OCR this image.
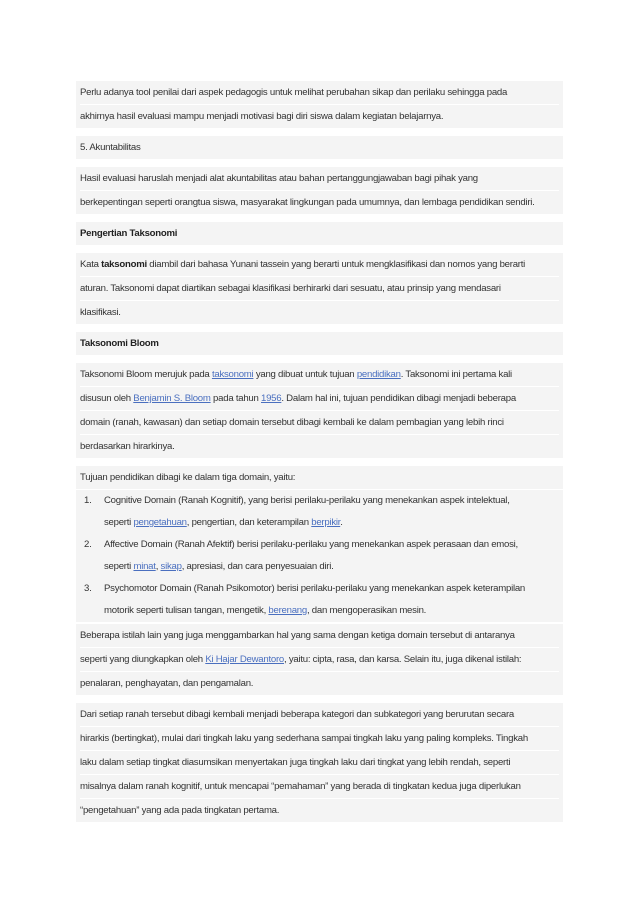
Perlu adanya tool penilai dari aspek pedagogis untuk melihat perubahan sikap dan perilaku sehingga pada
akhirnya hasil evaluasi mampu menjadi motivasi bagi diri siswa dalam kegiatan belajarnya.
5. Akuntabilitas
Hasil evaluasi haruslah menjadi alat akuntabilitas atau bahan pertanggungjawaban bagi pihak yang
berkepentingan seperti orangtua siswa, masyarakat lingkungan pada umumnya, dan lembaga pendidikan sendiri.
Pengertian Taksonomi
Kata taksonomi diambil dari bahasa Yunani tassein yang berarti untuk mengklasifikasi dan nomos yang berarti
aturan. Taksonomi dapat diartikan sebagai klasifikasi berhirarki dari sesuatu, atau prinsip yang mendasari
klasifikasi.
Taksonomi Bloom
Taksonomi Bloom merujuk pada taksonomi yang dibuat untuk tujuan pendidikan. Taksonomi ini pertama kali
disusun oleh Benjamin S. Bloom pada tahun 1956. Dalam hal ini, tujuan pendidikan dibagi menjadi beberapa
domain (ranah, kawasan) dan setiap domain tersebut dibagi kembali ke dalam pembagian yang lebih rinci
berdasarkan hirarkinya.
Tujuan pendidikan dibagi ke dalam tiga domain, yaitu:
1. Cognitive Domain (Ranah Kognitif), yang berisi perilaku-perilaku yang menekankan aspek intelektual,
seperti pengetahuan, pengertian, dan keterampilan berpikir.
2. Affective Domain (Ranah Afektif) berisi perilaku-perilaku yang menekankan aspek perasaan dan emosi,
seperti minat, sikap, apresiasi, dan cara penyesuaian diri.
3. Psychomotor Domain (Ranah Psikomotor) berisi perilaku-perilaku yang menekankan aspek keterampilan
motorik seperti tulisan tangan, mengetik, berenang, dan mengoperasikan mesin.
Beberapa istilah lain yang juga menggambarkan hal yang sama dengan ketiga domain tersebut di antaranya
seperti yang diungkapkan oleh Ki Hajar Dewantoro, yaitu: cipta, rasa, dan karsa. Selain itu, juga dikenal istilah:
penalaran, penghayatan, dan pengamalan.
Dari setiap ranah tersebut dibagi kembali menjadi beberapa kategori dan subkategori yang berurutan secara
hirarkis (bertingkat), mulai dari tingkah laku yang sederhana sampai tingkah laku yang paling kompleks. Tingkah
laku dalam setiap tingkat diasumsikan menyertakan juga tingkah laku dari tingkat yang lebih rendah, seperti
misalnya dalam ranah kognitif, untuk mencapai “pemahaman” yang berada di tingkatan kedua juga diperlukan
“pengetahuan” yang ada pada tingkatan pertama.
